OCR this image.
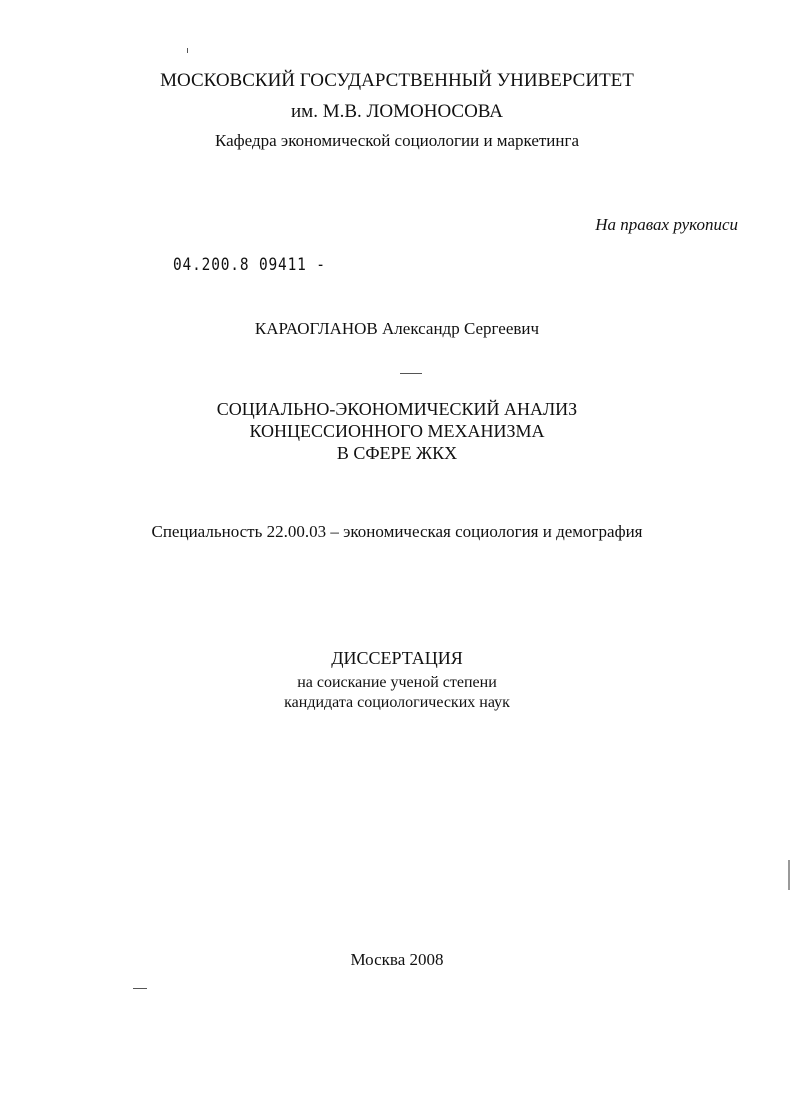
МОСКОВСКИЙ ГОСУДАРСТВЕННЫЙ УНИВЕРСИТЕТ
им. М.В. ЛОМОНОСОВА
Кафедра экономической социологии и маркетинга
На правах рукописи
04.200.8 09411 -
КАРАОГЛАНОВ Александр Сергеевич
СОЦИАЛЬНО-ЭКОНОМИЧЕСКИЙ АНАЛИЗ
КОНЦЕССИОННОГО МЕХАНИЗМА
В СФЕРЕ ЖКХ
Специальность 22.00.03 – экономическая социология и демография
ДИССЕРТАЦИЯ
на соискание ученой степени
кандидата социологических наук
Москва 2008
